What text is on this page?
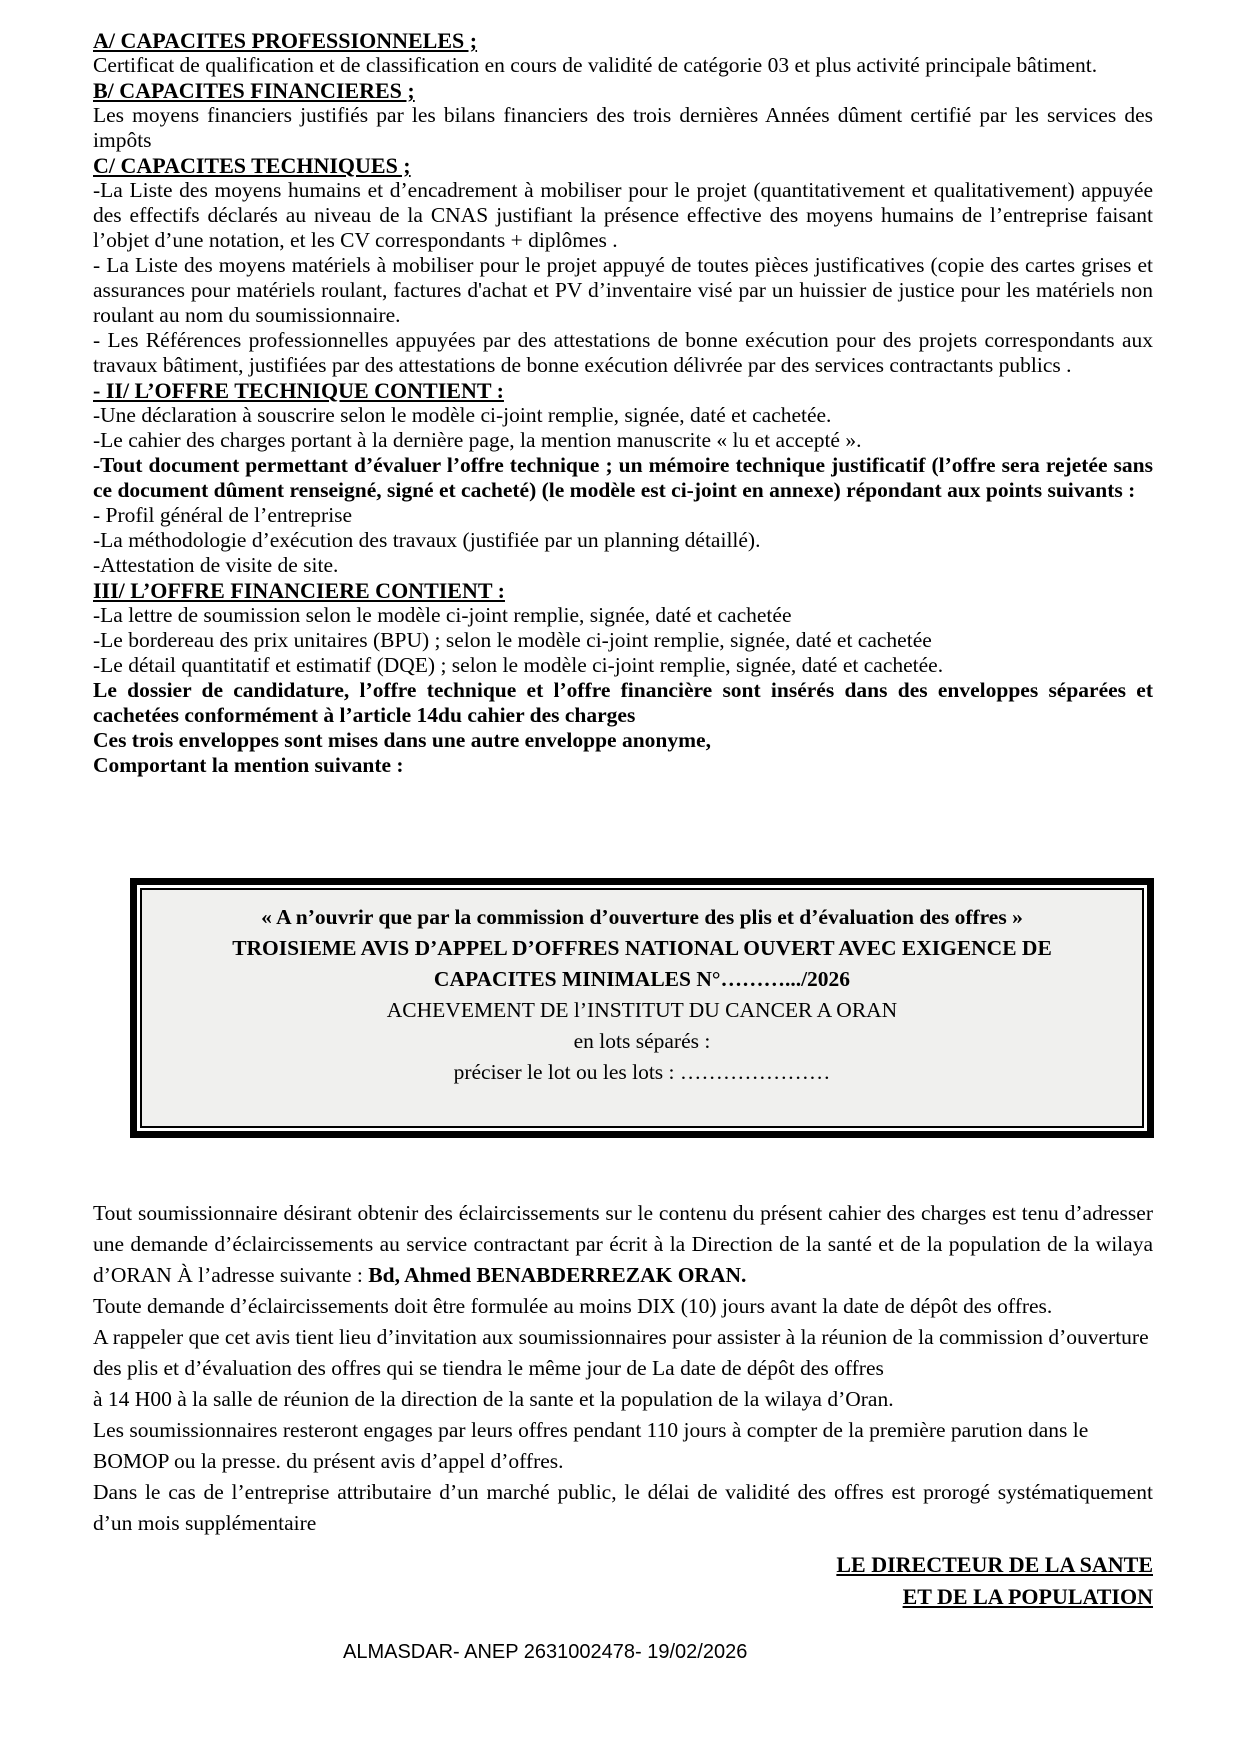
A/ CAPACITES PROFESSIONNELES ;

Certificat de qualification et de classification en cours de validité de catégorie 03 et plus activité principale bâtiment.

B/ CAPACITES FINANCIERES ;

Les moyens financiers justifiés par les bilans financiers des trois dernières Années dûment certifié par les services des impôts

C/ CAPACITES TECHNIQUES ;

-La Liste des moyens humains et d’encadrement à mobiliser pour le projet (quantitativement et qualitativement) appuyée des effectifs déclarés au niveau de la CNAS justifiant la présence effective des moyens humains de l’entreprise faisant l’objet d’une notation, et les CV correspondants + diplômes .

- La Liste des moyens matériels à mobiliser pour le projet appuyé de toutes pièces justificatives (copie des cartes grises et assurances pour matériels roulant, factures d'achat et PV d’inventaire visé par un huissier de justice pour les matériels non roulant au nom du soumissionnaire.

- Les Références professionnelles appuyées par des attestations de bonne exécution pour des projets correspondants aux travaux bâtiment, justifiées par des attestations de bonne exécution délivrée par des services contractants publics .

- II/ L’OFFRE TECHNIQUE CONTIENT :

-Une déclaration à souscrire selon le modèle ci-joint remplie, signée, daté et cachetée.

-Le cahier des charges portant à la dernière page, la mention manuscrite « lu et accepté ».

-Tout document permettant d’évaluer l’offre technique ; un mémoire technique justificatif (l’offre sera rejetée sans ce document dûment renseigné, signé et cacheté) (le modèle est ci-joint en annexe) répondant aux points suivants :

- Profil général de l’entreprise

-La méthodologie d’exécution des travaux (justifiée par un planning détaillé).

-Attestation de visite de site.

III/ L’OFFRE FINANCIERE CONTIENT :

-La lettre de soumission selon le modèle ci-joint remplie, signée, daté et cachetée

-Le bordereau des prix unitaires (BPU) ; selon le modèle ci-joint remplie, signée, daté et cachetée

-Le détail quantitatif et estimatif (DQE) ; selon le modèle ci-joint remplie, signée, daté et cachetée.

Le dossier de candidature, l’offre technique et l’offre financière sont insérés dans des enveloppes séparées et cachetées conformément à l’article 14du cahier des charges

Ces trois enveloppes sont mises dans une autre enveloppe anonyme,

Comportant la mention suivante :

« A n’ouvrir que par la commission d’ouverture des plis et d’évaluation des offres »
TROISIEME AVIS D’APPEL D’OFFRES NATIONAL OUVERT AVEC EXIGENCE DE
CAPACITES MINIMALES N°……….../2026
ACHEVEMENT DE l’INSTITUT DU CANCER A ORAN
en lots séparés :
préciser le lot ou les lots : …………………

Tout soumissionnaire désirant obtenir des éclaircissements sur le contenu du présent cahier des charges est tenu d’adresser une demande d’éclaircissements au service contractant par écrit à la Direction de la santé et de la population de la wilaya d’ORAN À l’adresse suivante : Bd, Ahmed BENABDERREZAK ORAN.

Toute demande d’éclaircissements doit être formulée au moins DIX (10) jours avant la date de dépôt des offres.

A rappeler que cet avis tient lieu d’invitation aux soumissionnaires pour assister à la réunion de la commission d’ouverture des plis et d’évaluation des offres qui se tiendra le même jour de La date de dépôt des offres

à 14 H00 à la salle de réunion de la direction de la sante et la population de la wilaya d’Oran.

Les soumissionnaires resteront engages par leurs offres pendant 110 jours à compter de la première parution dans le BOMOP ou la presse. du présent avis d’appel d’offres.

Dans le cas de l’entreprise attributaire d’un marché public, le délai de validité des offres est prorogé systématiquement d’un mois supplémentaire

LE DIRECTEUR DE LA SANTE
ET DE LA POPULATION
ALMASDAR- ANEP 2631002478- 19/02/2026
